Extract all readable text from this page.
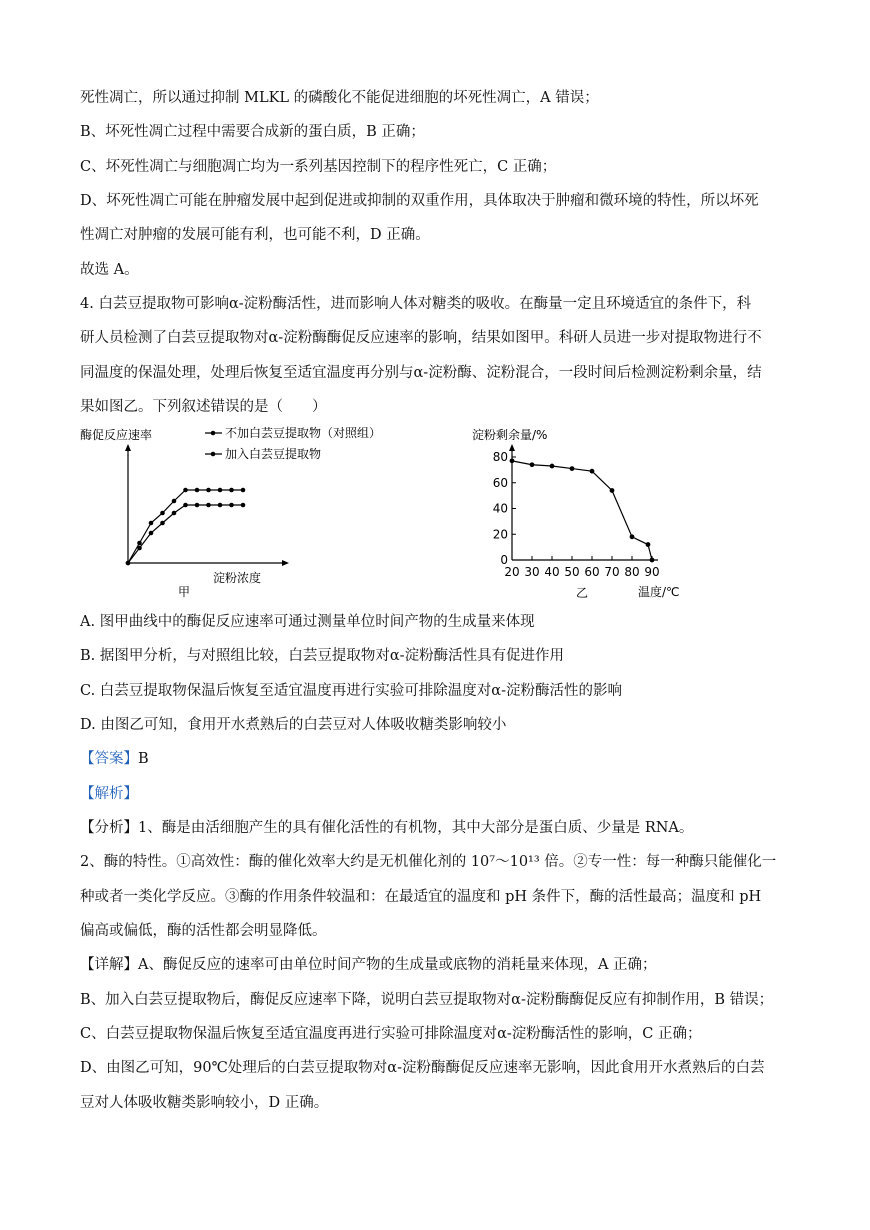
死性凋亡，所以通过抑制 MLKL 的磷酸化不能促进细胞的坏死性凋亡，A 错误；
B、坏死性凋亡过程中需要合成新的蛋白质，B 正确；
C、坏死性凋亡与细胞凋亡均为一系列基因控制下的程序性死亡，C 正确；
D、坏死性凋亡可能在肿瘤发展中起到促进或抑制的双重作用，具体取决于肿瘤和微环境的特性，所以坏死
性凋亡对肿瘤的发展可能有利，也可能不利，D 正确。
故选 A。
4. 白芸豆提取物可影响α-淀粉酶活性，进而影响人体对糖类的吸收。在酶量一定且环境适宜的条件下，科
研人员检测了白芸豆提取物对α-淀粉酶酶促反应速率的影响，结果如图甲。科研人员进一步对提取物进行不
同温度的保温处理，处理后恢复至适宜温度再分别与α-淀粉酶、淀粉混合，一段时间后检测淀粉剩余量，结
果如图乙。下列叙述错误的是（　　）
酶促反应速率
淀粉浓度
甲
不加白芸豆提取物（对照组）
加入白芸豆提取物
0
20
40
60
80
20 30 40 50 60 70 80 90
淀粉剩余量/%
温度/℃
乙
A. 图甲曲线中的酶促反应速率可通过测量单位时间产物的生成量来体现
B. 据图甲分析，与对照组比较，白芸豆提取物对α-淀粉酶活性具有促进作用
C. 白芸豆提取物保温后恢复至适宜温度再进行实验可排除温度对α-淀粉酶活性的影响
D. 由图乙可知，食用开水煮熟后的白芸豆对人体吸收糖类影响较小
【答案】B
【解析】
【分析】1、酶是由活细胞产生的具有催化活性的有机物，其中大部分是蛋白质、少量是 RNA。
2、酶的特性。①高效性：酶的催化效率大约是无机催化剂的 10⁷～10¹³ 倍。②专一性：每一种酶只能催化一
种或者一类化学反应。③酶的作用条件较温和：在最适宜的温度和 pH 条件下，酶的活性最高；温度和 pH
偏高或偏低，酶的活性都会明显降低。
【详解】A、酶促反应的速率可由单位时间产物的生成量或底物的消耗量来体现，A 正确；
B、加入白芸豆提取物后，酶促反应速率下降，说明白芸豆提取物对α-淀粉酶酶促反应有抑制作用，B 错误；
C、白芸豆提取物保温后恢复至适宜温度再进行实验可排除温度对α-淀粉酶活性的影响，C 正确；
D、由图乙可知，90℃处理后的白芸豆提取物对α-淀粉酶酶促反应速率无影响，因此食用开水煮熟后的白芸
豆对人体吸收糖类影响较小，D 正确。
